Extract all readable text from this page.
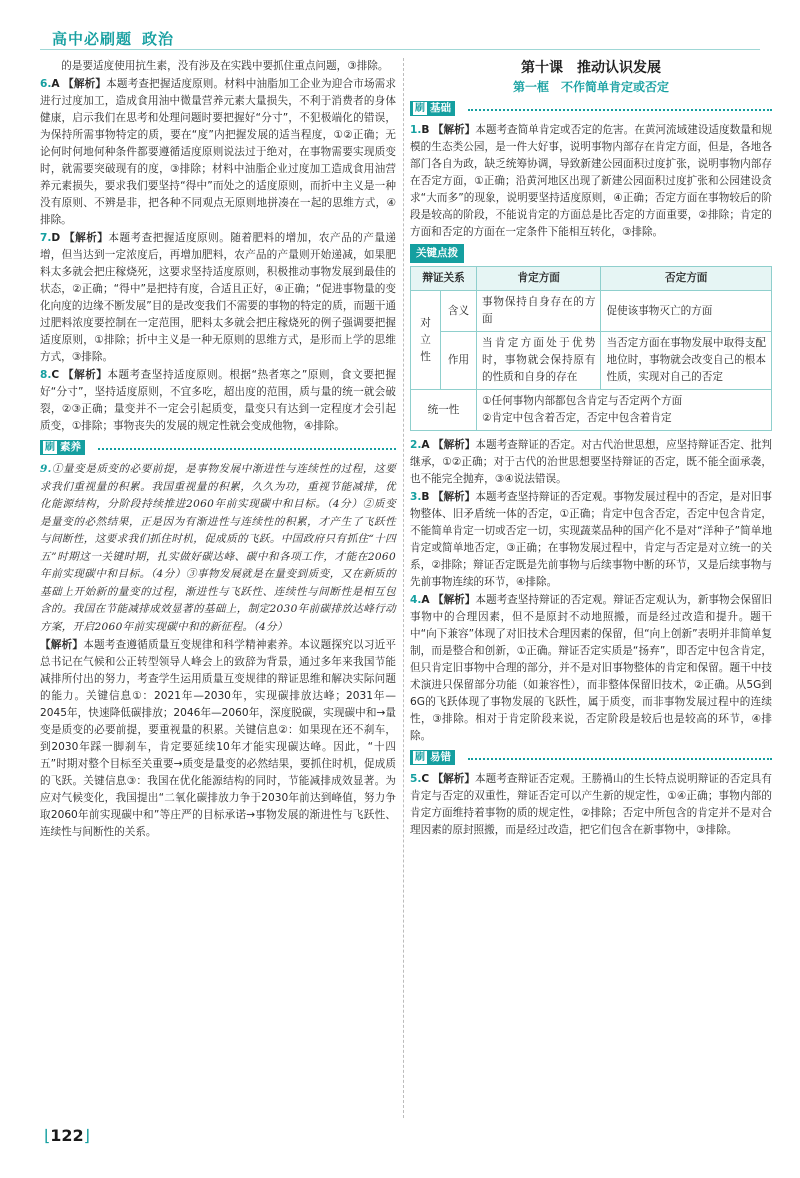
高中必刷题 政治
的是要适度使用抗生素，没有涉及在实践中要抓住重点问题，③排除。
6.A 【解析】本题考查把握适度原则。材料中油脂加工企业为迎合市场需求进行过度加工，造成食用油中微量营养元素大量损失，不利于消费者的身体健康，启示我们在思考和处理问题时要把握好“分寸”，不犯极端化的错误，为保持所需事物特定的质，要在“度”内把握发展的适当程度，①②正确；无论何时何地何种条件都要遵循适度原则说法过于绝对，在事物需要实现质变时，就需要突破现有的度，③排除；材料中油脂企业过度加工造成食用油营养元素损失，要求我们要坚持“得中”而处之的适度原则，而折中主义是一种没有原则、不辨是非，把各种不同观点无原则地拼凑在一起的思维方式，④排除。
7.D 【解析】本题考查把握适度原则。随着肥料的增加，农产品的产量递增，但当达到一定浓度后，再增加肥料，农产品的产量则开始递减，如果肥料太多就会把庄稼烧死，这要求坚持适度原则，积极推动事物发展到最佳的状态，②正确；“得中”是把持有度，合适且正好，④正确；“促进事物量的变化向度的边缘不断发展”目的是改变我们不需要的事物的特定的质，而题干通过肥料浓度要控制在一定范围，肥料太多就会把庄稼烧死的例子强调要把握适度原则，①排除；折中主义是一种无原则的思维方式，是形而上学的思维方式，③排除。
8.C 【解析】本题考查坚持适度原则。根据“热者寒之”原则，食文要把握好“分寸”，坚持适度原则，不宜多吃，超出度的范围，质与量的统一就会破裂，②③正确；量变并不一定会引起质变，量变只有达到一定程度才会引起质变，①排除；事物丧失的发展的规定性就会变成他物，④排除。
刷 素养
9.①量变是质变的必要前提，是事物发展中渐进性与连续性的过程，这要求我们重视量的积累。我国重视量的积累，久久为功，重视节能减排，优化能源结构，分阶段持续推进2060年前实现碳中和目标。（4分）②质变是量变的必然结果，正是因为有渐进性与连续性的积累，才产生了飞跃性与间断性，这要求我们抓住时机，促成质的飞跃。中国政府只有抓住“十四五”时期这一关键时期，扎实做好碳达峰、碳中和各项工作，才能在2060年前实现碳中和目标。（4分）③事物发展就是在量变到质变，又在新质的基础上开始新的量变的过程，渐进性与飞跃性、连续性与间断性是相互包含的。我国在节能减排成效显著的基础上，制定2030年前碳排放达峰行动方案，开启2060年前实现碳中和的新征程。（4分）
【解析】本题考查遵循质量互变规律和科学精神素养。本议题探究以习近平总书记在气候和公正转型领导人峰会上的致辞为背景，通过多年来我国节能减排所付出的努力，考查学生运用质量互变规律的辩证思维和解决实际问题的能力。关键信息①：2021年—2030年，实现碳排放达峰；2031年—2045年，快速降低碳排放；2046年—2060年，深度脱碳，实现碳中和→量变是质变的必要前提，要重视量的积累。关键信息②：如果现在还不刹车，到2030年踩一脚刹车，肯定要延续10年才能实现碳达峰。因此，“十四五”时期对整个目标至关重要→质变是量变的必然结果，要抓住时机，促成质的飞跃。关键信息③：我国在优化能源结构的同时，节能减排成效显著。为应对气候变化，我国提出“二氧化碳排放力争于2030年前达到峰值，努力争取2060年前实现碳中和”等庄严的目标承诺→事物发展的渐进性与飞跃性、连续性与间断性的关系。
第十课　推动认识发展
第一框　不作简单肯定或否定
刷 基础
1.B 【解析】本题考查简单肯定或否定的危害。在黄河流域建设适度数量和规模的生态类公园，是一件大好事，说明事物内部存在肯定方面，但是，各地各部门各自为政，缺乏统筹协调，导致新建公园面积过度扩张，说明事物内部存在否定方面，①正确；沿黄河地区出现了新建公园面积过度扩张和公园建设贪求“大而多”的现象，说明要坚持适度原则，④正确；否定方面在事物较后的阶段是较高的阶段，不能说肯定的方面总是比否定的方面重要，②排除；肯定的方面和否定的方面在一定条件下能相互转化，③排除。
关键点拨
辩证关系		肯定方面	否定方面
对立性	含义	事物保持自身存在的方面	促使该事物灭亡的方面
	作用	当肯定方面处于优势时，事物就会保持原有的性质和自身的存在	当否定方面在事物发展中取得支配地位时，事物就会改变自己的根本性质，实现对自己的否定
统一性		①任何事物内部都包含肯定与否定两个方面
②肯定中包含着否定，否定中包含着肯定	
2.A 【解析】本题考查辩证的否定。对古代治世思想，应坚持辩证否定、批判继承，①②正确；对于古代的治世思想要坚持辩证的否定，既不能全面承袭，也不能完全抛弃，③④说法错误。
3.B 【解析】本题考查坚持辩证的否定观。事物发展过程中的否定，是对旧事物整体、旧矛盾统一体的否定，①正确；肯定中包含否定，否定中包含肯定，不能简单肯定一切或否定一切，实现蔬菜品种的国产化不是对“洋种子”简单地肯定或简单地否定，③正确；在事物发展过程中，肯定与否定是对立统一的关系，②排除；辩证否定既是先前事物与后续事物中断的环节，又是后续事物与先前事物连续的环节，④排除。
4.A 【解析】本题考查坚持辩证的否定观。辩证否定观认为，新事物会保留旧事物中的合理因素，但不是原封不动地照搬，而是经过改造和提升。题干中“向下兼容”体现了对旧技术合理因素的保留，但“向上创新”表明并非简单复制，而是整合和创新，①正确。辩证否定实质是“扬弃”，即否定中包含肯定，但只肯定旧事物中合理的部分，并不是对旧事物整体的肯定和保留。题干中技术演进只保留部分功能（如兼容性），而非整体保留旧技术，②正确。从5G到6G的飞跃体现了事物发展的飞跃性，属于质变，而非事物发展过程中的连续性，③排除。相对于肯定阶段来说，否定阶段是较后也是较高的环节，④排除。
刷 易错
5.C 【解析】本题考查辩证否定观。王勝禍山的生长特点说明辩证的否定具有肯定与否定的双重性，辩证否定可以产生新的规定性，①④正确；事物内部的肯定方面维持着事物的质的规定性，②排除；否定中所包含的肯定并不是对合理因素的原封照搬，而是经过改造，把它们包含在新事物中，③排除。
⌊122⌋
